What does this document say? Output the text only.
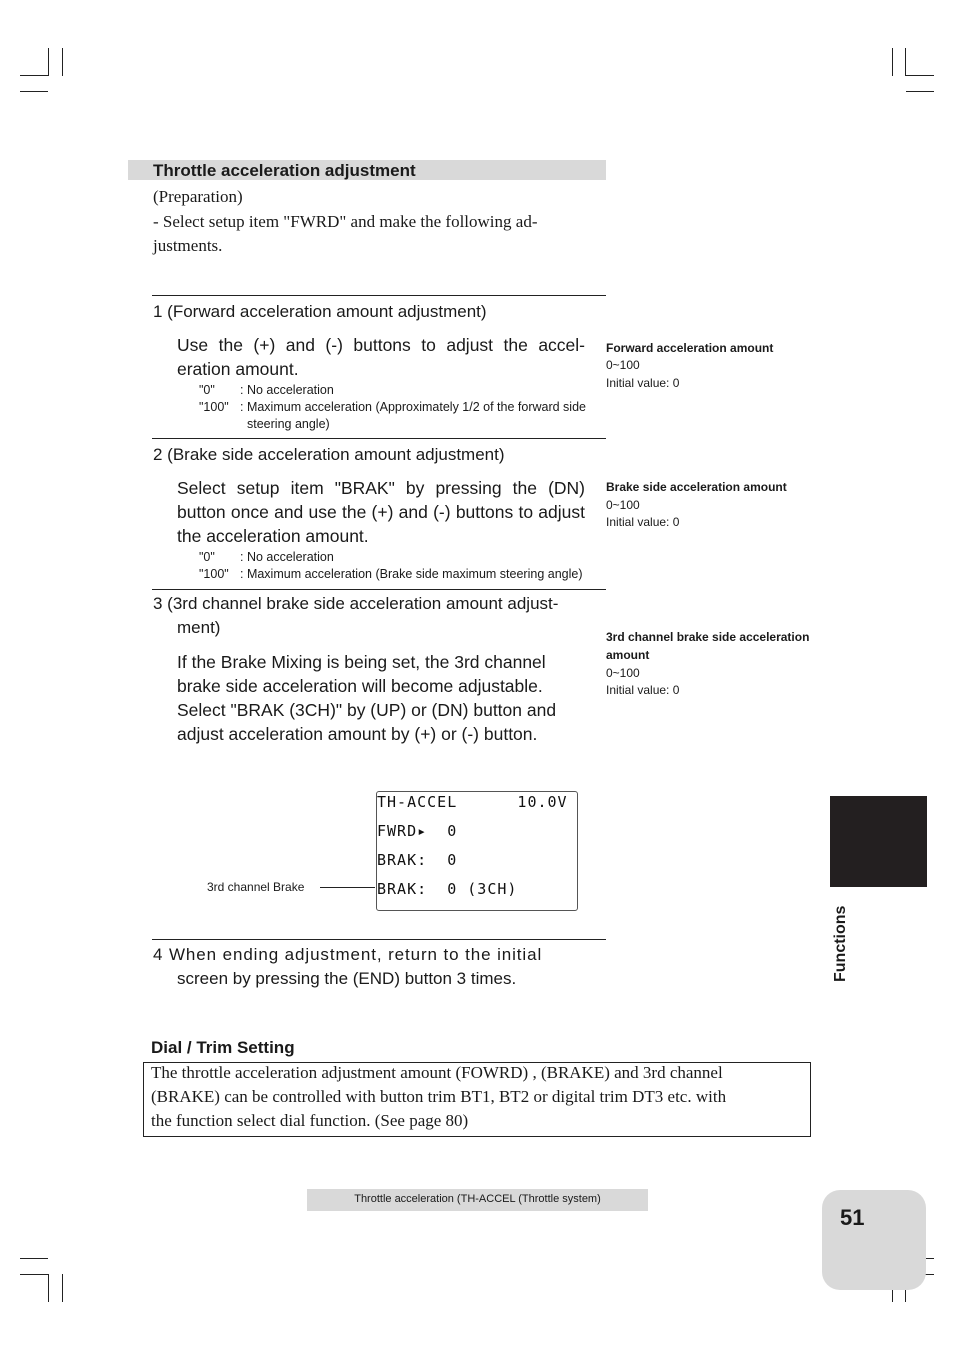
Throttle acceleration adjustment
(Preparation)
- Select setup item "FWRD" and make the following ad-
justments.
1 (Forward acceleration amount adjustment)
Use the (+) and (-) buttons to adjust the accel- eration amount.
"0" : No acceleration
"100" : Maximum acceleration (Approximately 1/2 of the forward side
steering angle)
2 (Brake side acceleration amount adjustment)
Select setup item "BRAK" by pressing the (DN) button once and use the (+) and (-) buttons to adjust the acceleration amount.
"0" : No acceleration
"100" : Maximum acceleration (Brake side maximum steering angle)
3 (3rd channel brake side acceleration amount adjust-
ment)
If the Brake Mixing is being set, the 3rd channel brake side acceleration will become adjustable. Select "BRAK (3CH)" by (UP) or (DN) button and adjust acceleration amount by (+) or (-) button.
TH-ACCEL      10.0V
FWRD▸  0
BRAK:  0
BRAK:  0 (3CH)
3rd channel Brake
4 When ending adjustment, return to the initial
screen by pressing the (END) button 3 times.
Forward acceleration amount
0~100
Initial value: 0
Brake side acceleration amount
0~100
Initial value: 0
3rd channel brake side acceleration
amount
0~100
Initial value: 0
Functions
Dial / Trim Setting
The throttle acceleration adjustment amount (FOWRD) , (BRAKE) and 3rd channel
(BRAKE) can be controlled with button trim BT1, BT2 or digital trim DT3 etc. with
the function select dial function. (See page 80)
Throttle acceleration (TH-ACCEL (Throttle system)
51
